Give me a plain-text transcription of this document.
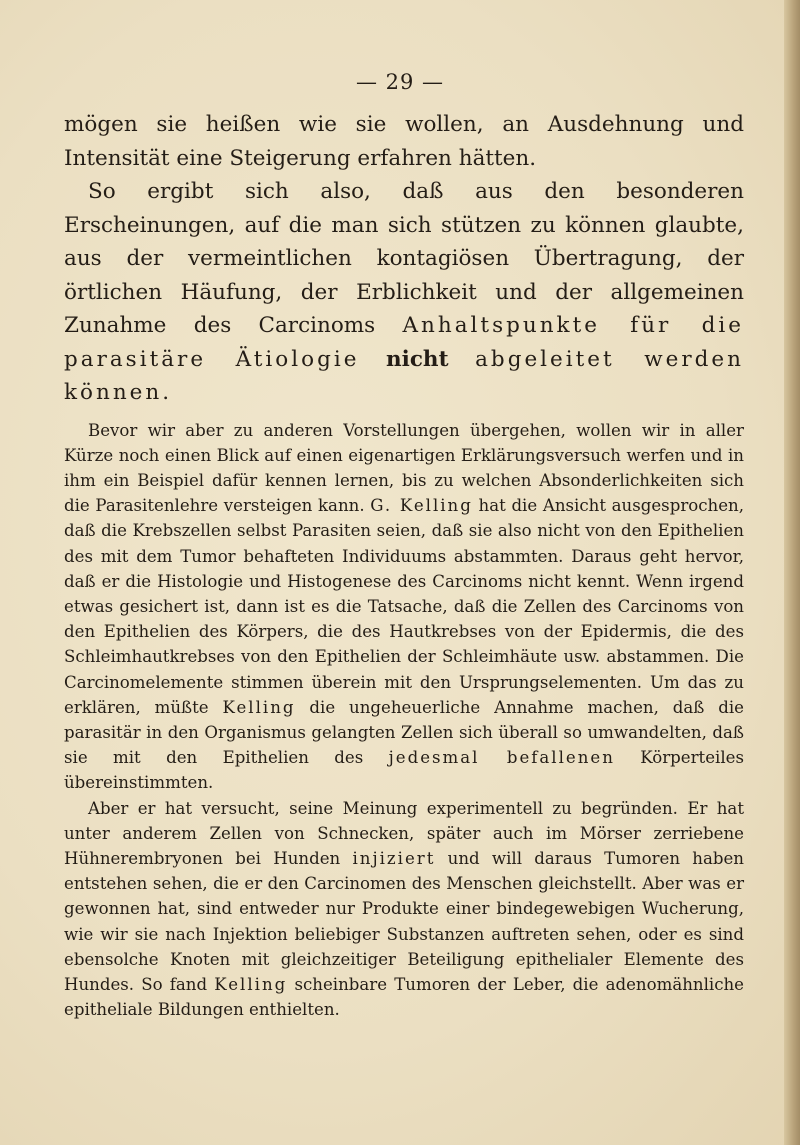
— 29 —

mögen sie heißen wie sie wollen, an Ausdehnung und Intensität eine Steigerung erfahren hätten.

So ergibt sich also, daß aus den besonderen Erscheinungen, auf die man sich stützen zu können glaubte, aus der vermeintlichen kontagiösen Übertragung, der örtlichen Häufung, der Erblichkeit und der allgemeinen Zunahme des Carcinoms Anhaltspunkte für die parasitäre Ätiologie nicht abgeleitet werden können.

Bevor wir aber zu anderen Vorstellungen übergehen, wollen wir in aller Kürze noch einen Blick auf einen eigenartigen Erklärungsversuch werfen und in ihm ein Beispiel dafür kennen lernen, bis zu welchen Absonderlichkeiten sich die Parasitenlehre versteigen kann. G. Kelling hat die Ansicht ausgesprochen, daß die Krebszellen selbst Parasiten seien, daß sie also nicht von den Epithelien des mit dem Tumor behafteten Individuums abstammten. Daraus geht hervor, daß er die Histologie und Histogenese des Carcinoms nicht kennt. Wenn irgend etwas gesichert ist, dann ist es die Tatsache, daß die Zellen des Carcinoms von den Epithelien des Körpers, die des Hautkrebses von der Epidermis, die des Schleimhautkrebses von den Epithelien der Schleimhäute usw. abstammen. Die Carcinomelemente stimmen überein mit den Ursprungselementen. Um das zu erklären, müßte Kelling die ungeheuerliche Annahme machen, daß die parasitär in den Organismus gelangten Zellen sich überall so umwandelten, daß sie mit den Epithelien des jedesmal befallenen Körperteiles übereinstimmten.

Aber er hat versucht, seine Meinung experimentell zu begründen. Er hat unter anderem Zellen von Schnecken, später auch im Mörser zerriebene Hühnerembryonen bei Hunden injiziert und will daraus Tumoren haben entstehen sehen, die er den Carcinomen des Menschen gleichstellt. Aber was er gewonnen hat, sind entweder nur Produkte einer bindegewebigen Wucherung, wie wir sie nach Injektion beliebiger Substanzen auftreten sehen, oder es sind ebensolche Knoten mit gleichzeitiger Beteiligung epithelialer Elemente des Hundes. So fand Kelling scheinbare Tumoren der Leber, die adenomähnliche epitheliale Bildungen enthielten.
